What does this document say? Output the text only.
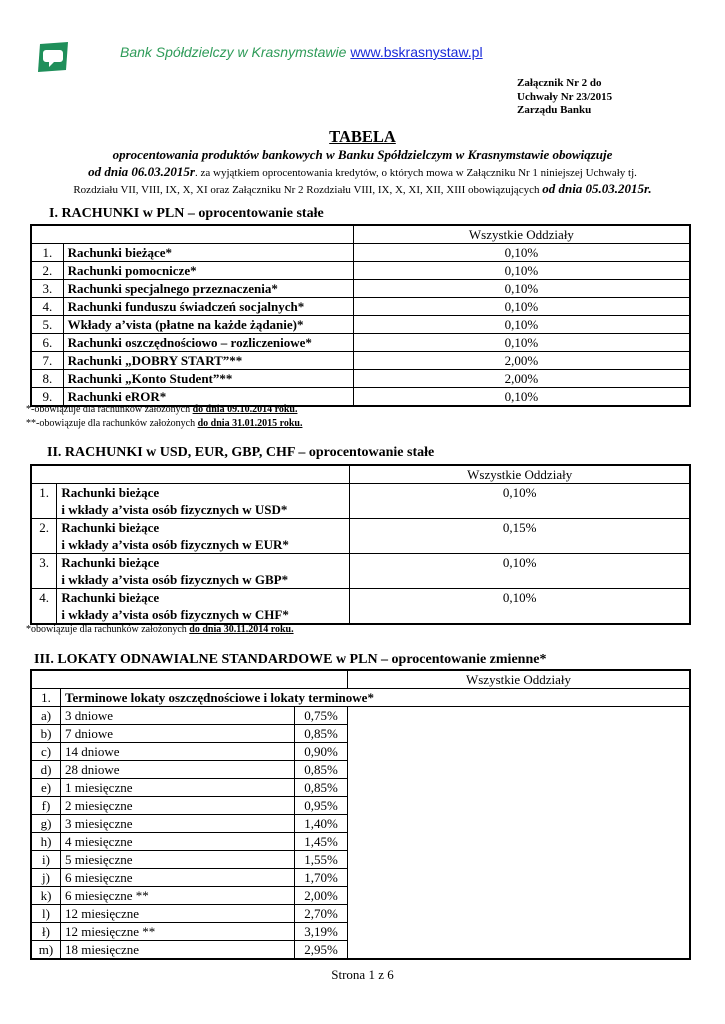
Bank Spółdzielczy w Krasnymstawie www.bskrasnystaw.pl
Załącznik Nr 2 do
Uchwały Nr 23/2015
Zarządu Banku
TABELA
oprocentowania produktów bankowych w Banku Spółdzielczym w Krasnymstawie obowiązuje
od dnia 06.03.2015r. za wyjątkiem oprocentowania kredytów, o których mowa w Załączniku Nr 1 niniejszej Uchwały tj.
Rozdziału VII, VIII, IX, X, XI oraz Załączniku Nr 2 Rozdziału VIII, IX, X, XI, XII, XIII obowiązujących od dnia 05.03.2015r.
I. RACHUNKI w PLN – oprocentowanie stałe
		Wszystkie Oddziały
1.	Rachunki bieżące*	0,10%
2.	Rachunki pomocnicze*	0,10%
3.	Rachunki specjalnego przeznaczenia*	0,10%
4.	Rachunki funduszu świadczeń socjalnych*	0,10%
5.	Wkłady a’vista (płatne na każde żądanie)*	0,10%
6.	Rachunki oszczędnościowo – rozliczeniowe*	0,10%
7.	Rachunki „DOBRY START”**	2,00%
8.	Rachunki „Konto Student”**	2,00%
9.	Rachunki eROR*	0,10%
*-obowiązuje dla rachunków założonych do dnia 09.10.2014 roku.
**-obowiązuje dla rachunków założonych do dnia 31.01.2015 roku.
II. RACHUNKI w USD, EUR, GBP, CHF – oprocentowanie stałe
		Wszystkie Oddziały
1.	Rachunki bieżące
i wkłady a’vista osób fizycznych w USD*	0,10%
2.	Rachunki bieżące
i wkłady a’vista osób fizycznych w EUR*	0,15%
3.	Rachunki bieżące
i wkłady a’vista osób fizycznych w GBP*	0,10%
4.	Rachunki bieżące
i wkłady a’vista osób fizycznych w CHF*	0,10%
*obowiązuje dla rachunków założonych do dnia 30.11.2014 roku.
III. LOKATY ODNAWIALNE STANDARDOWE w PLN – oprocentowanie zmienne*
			Wszystkie Oddziały
1.	Terminowe lokaty oszczędnościowe i lokaty terminowe*		
a)	3 dniowe	0,75%	
b)	7 dniowe	0,85%	
c)	14 dniowe	0,90%	
d)	28 dniowe	0,85%	
e)	1 miesięczne	0,85%	
f)	2 miesięczne	0,95%	
g)	3 miesięczne	1,40%	
h)	4 miesięczne	1,45%	
i)	5 miesięczne	1,55%	
j)	6 miesięczne	1,70%	
k)	6 miesięczne **	2,00%	
l)	12 miesięczne	2,70%	
ł)	12 miesięczne **	3,19%	
m)	18 miesięczne	2,95%	
Strona 1 z 6
